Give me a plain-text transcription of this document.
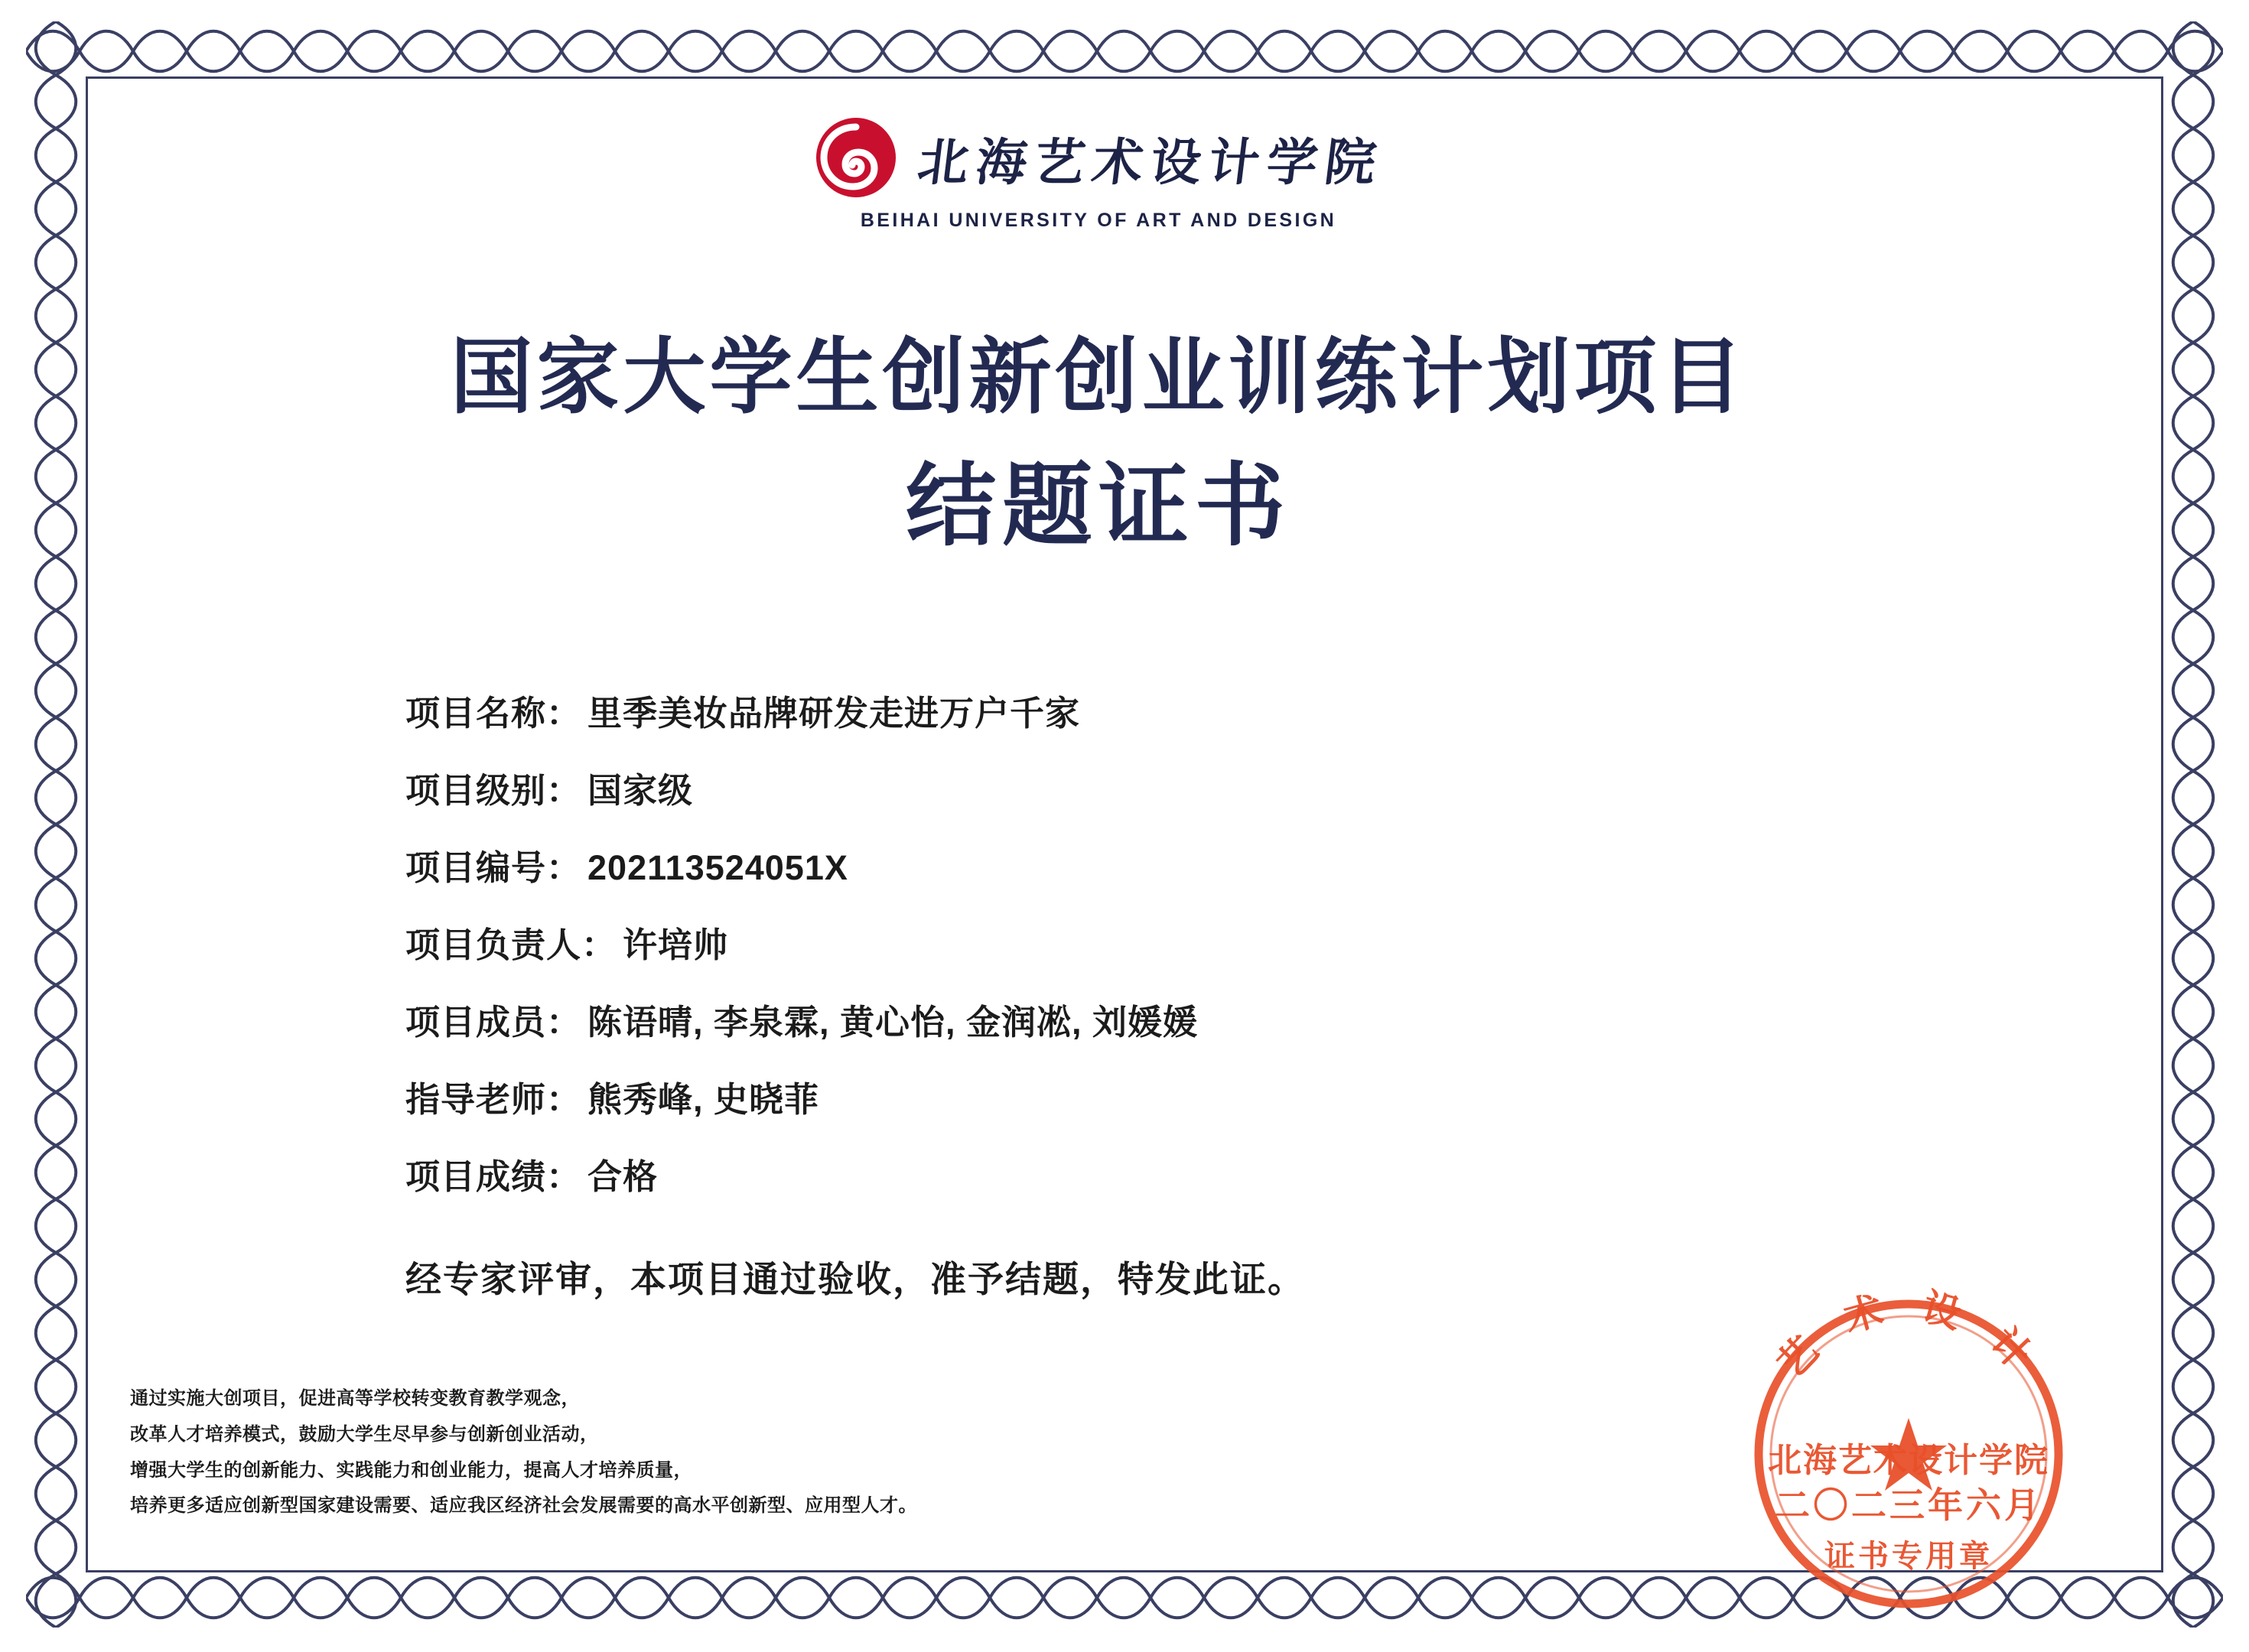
北海艺术设计学院
BEIHAI UNIVERSITY OF ART AND DESIGN
国家大学生创新创业训练计划项目
结题证书
项目名称： 里季美妆品牌研发走进万户千家
项目级别： 国家级
项目编号： 202113524051X
项目负责人： 许培帅
项目成员： 陈语晴, 李泉霖, 黄心怡, 金润凇, 刘媛媛
指导老师： 熊秀峰, 史晓菲
项目成绩： 合格
经专家评审，本项目通过验收，准予结题，特发此证。
通过实施大创项目，促进高等学校转变教育教学观念，
改革人才培养模式，鼓励大学生尽早参与创新创业活动，
增强大学生的创新能力、实践能力和创业能力，提高人才培养质量，
培养更多适应创新型国家建设需要、适应我区经济社会发展需要的高水平创新型、应用型人才。
艺 术 设 计
北海艺术设计学院
二〇二三年六月
证书专用章
